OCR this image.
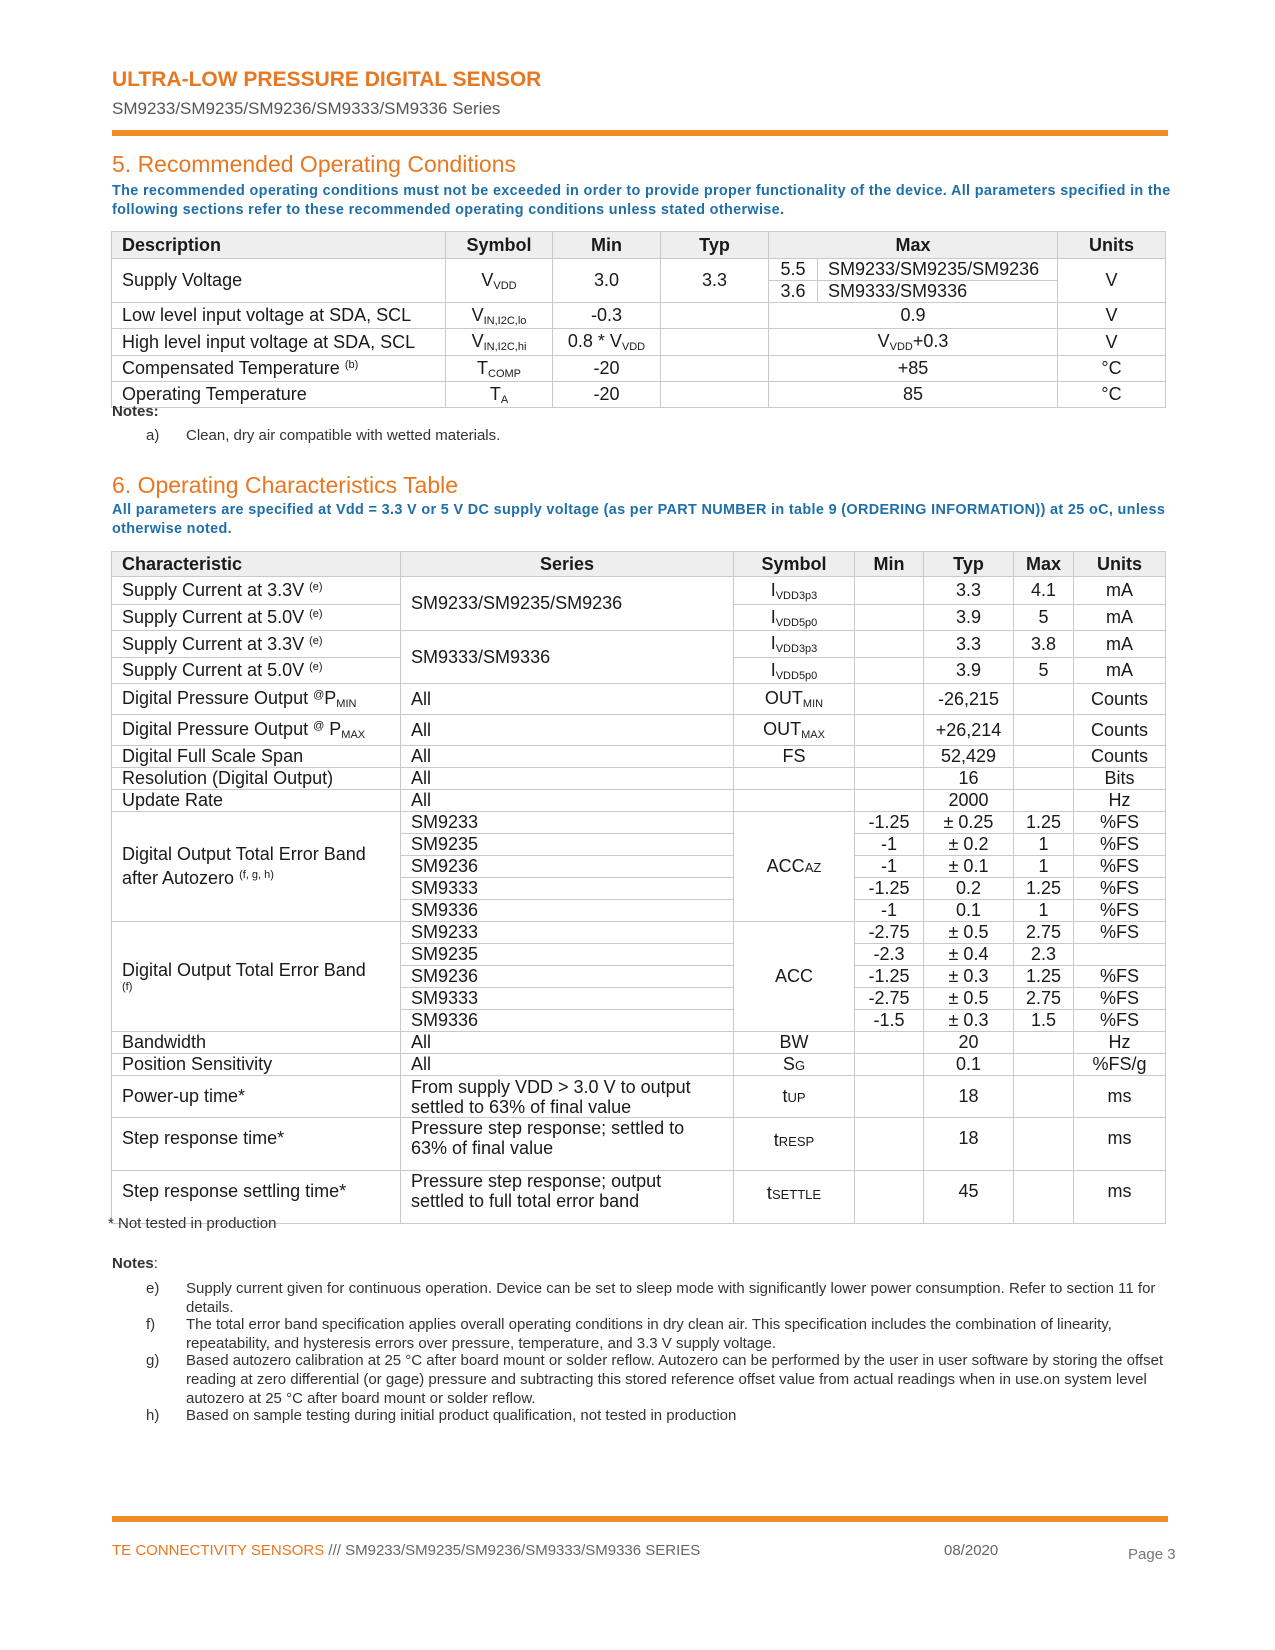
ULTRA-LOW PRESSURE DIGITAL SENSOR
SM9233/SM9235/SM9236/SM9333/SM9336 Series
5. Recommended Operating Conditions
The recommended operating conditions must not be exceeded in order to provide proper functionality of the device. All parameters specified in the following sections refer to these recommended operating conditions unless stated otherwise.
Description	Symbol	Min	Typ	Max		Units
Supply Voltage	$V_{VDD}$	3.0	3.3	5.5	SM9233/SM9235/SM9236	V
				3.6	SM9333/SM9336	
Low level input voltage at SDA, SCL	$V_{IN,I2C,lo}$	-0.3		0.9		V
High level input voltage at SDA, SCL	$V_{IN,I2C,hi}$	$0.8 * V_{VDD}$		$V_{VDD}+0.3$		V
Compensated Temperature $^{(b)}$	$T_{COMP}$	-20		+85		°C
Operating Temperature	$T_A$	-20		85		°C
Notes:
a) Clean, dry air compatible with wetted materials.
6. Operating Characteristics Table
All parameters are specified at Vdd = 3.3 V or 5 V DC supply voltage (as per PART NUMBER in table 9 (ORDERING INFORMATION)) at 25 oC, unless otherwise noted.
Characteristic	Series	Symbol	Min	Typ	Max	Units
Supply Current at 3.3V $^{(e)}$	SM9233/SM9235/SM9236	$I_{VDD3p3}$		3.3	4.1	mA
Supply Current at 5.0V $^{(e)}$		$I_{VDD5p0}$		3.9	5	mA
Supply Current at 3.3V $^{(e)}$	SM9333/SM9336	$I_{VDD3p3}$		3.3	3.8	mA
Supply Current at 5.0V $^{(e)}$		$I_{VDD5p0}$		3.9	5	mA
Digital Pressure Output $^@P_{MIN}$	All	$OUT_{MIN}$		-26,215		Counts
Digital Pressure Output @ $P_{MAX}$	All	$OUT_{MAX}$		+26,214		Counts
Digital Full Scale Span	All	FS		52,429		Counts
Resolution (Digital Output)	All			16		Bits
Update Rate	All			2000		Hz

Digital Output Total Error Band
after Autozero $^{(f, g, h)}$	SM9233	ACCAZ	-1.25	± 0.25	1.25	%FS
	SM9235		-1	± 0.2	1	%FS
	SM9236		-1	± 0.1	1	%FS
	SM9333		-1.25	0.2	1.25	%FS
	SM9336		-1	0.1	1	%FS

Digital Output Total Error Band
(f)	SM9233	ACC	-2.75	± 0.5	2.75	%FS
	SM9235		-2.3	± 0.4	2.3	
	SM9236		-1.25	± 0.3	1.25	%FS
	SM9333		-2.75	± 0.5	2.75	%FS
	SM9336		-1.5	± 0.3	1.5	%FS
Bandwidth	All	BW		20		Hz
Position Sensitivity	All	SG		0.1		%FS/g
Power-up time*	From supply VDD > 3.0 V to output
settled to 63% of final value	tUP		18		ms
Step response time*	Pressure step response; settled to
63% of final value	tRESP		18		ms
Step response settling time*	Pressure step response; output
settled to full total error band	tSETTLE		45		ms
* Not tested in production
Notes:
e) Supply current given for continuous operation. Device can be set to sleep mode with significantly lower power consumption. Refer to section 11 for details.
f) The total error band specification applies overall operating conditions in dry clean air. This specification includes the combination of linearity, repeatability, and hysteresis errors over pressure, temperature, and 3.3 V supply voltage.
g) Based autozero calibration at 25 °C after board mount or solder reflow. Autozero can be performed by the user in user software by storing the offset reading at zero differential (or gage) pressure and subtracting this stored reference offset value from actual readings when in use.on system level autozero at 25 °C after board mount or solder reflow.
h) Based on sample testing during initial product qualification, not tested in production
TE CONNECTIVITY SENSORS /// SM9233/SM9235/SM9236/SM9333/SM9336 SERIES	08/2020	Page 3
